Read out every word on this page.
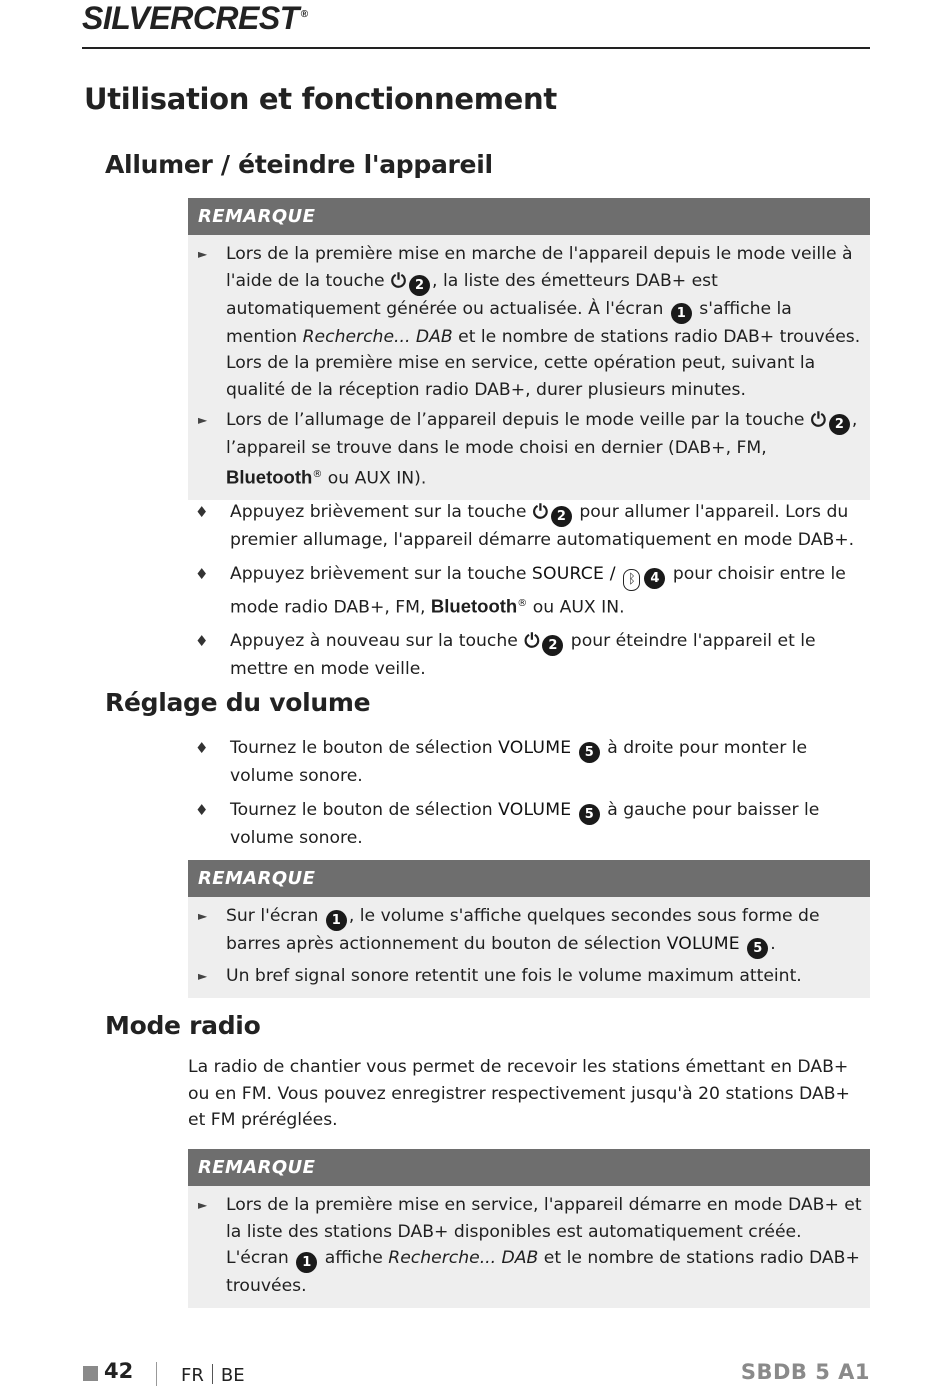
SILVERCREST ®
Utilisation et fonctionnement
Allumer / éteindre l'appareil
REMARQUE
► Lors de la première mise en marche de l'appareil depuis le mode veille à l'aide de la touche ⏻ 2 , la liste des émetteurs DAB+ est automatiquement générée ou actualisée. À l'écran 1 s'affiche la mention Recherche... DAB et le nombre de stations radio DAB+ trouvées. Lors de la première mise en service, cette opération peut, suivant la qualité de la réception radio DAB+, durer plusieurs minutes.
► Lors de l’allumage de l’appareil depuis le mode veille par la touche ⏻ 2 , l’appareil se trouve dans le mode choisi en dernier (DAB+, FM, Bluetooth® ou AUX IN).
♦ Appuyez brièvement sur la touche ⏻ 2 pour allumer l'appareil. Lors du premier allumage, l'appareil démarre automatiquement en mode DAB+.
♦ Appuyez brièvement sur la touche SOURCE / ᛒ 4 pour choisir entre le mode radio DAB+, FM, Bluetooth® ou AUX IN.
♦ Appuyez à nouveau sur la touche ⏻ 2 pour éteindre l'appareil et le mettre en mode veille.
Réglage du volume
♦ Tournez le bouton de sélection VOLUME 5 à droite pour monter le volume sonore.
♦ Tournez le bouton de sélection VOLUME 5 à gauche pour baisser le volume sonore.
REMARQUE
► Sur l'écran 1 , le volume s'affiche quelques secondes sous forme de barres après actionnement du bouton de sélection VOLUME 5 .
► Un bref signal sonore retentit une fois le volume maximum atteint.
Mode radio

La radio de chantier vous permet de recevoir les stations émettant en DAB+ ou en FM. Vous pouvez enregistrer respectivement jusqu'à 20 stations DAB+ et FM préréglées.

REMARQUE
► Lors de la première mise en service, l'appareil démarre en mode DAB+ et la liste des stations DAB+ disponibles est automatiquement créée. L'écran 1 affiche Recherche... DAB et le nombre de stations radio DAB+ trouvées.
42	FR BE	SBDB 5 A1
